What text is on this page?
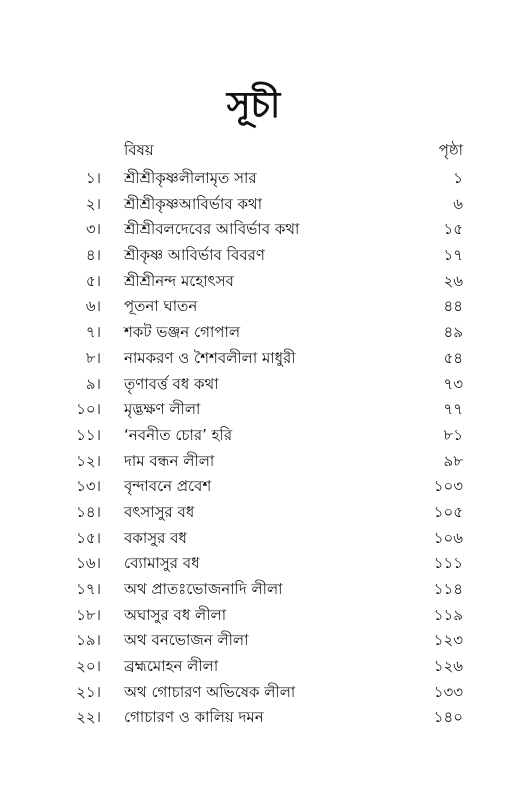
সূচী
বিষয়	পৃষ্ঠা
১। শ্রীশ্রীকৃষ্ণলীলামৃত সার	১
২। শ্রীশ্রীকৃষ্ণআবির্ভাব কথা	৬
৩। শ্রীশ্রীবলদেবের আবির্ভাব কথা	১৫
৪। শ্রীকৃষ্ণ আবির্ভাব বিবরণ	১৭
৫। শ্রীশ্রীনন্দ মহোৎসব	২৬
৬। পূতনা ঘাতন	৪৪
৭। শকট ভঞ্জন গোপাল	৪৯
৮। নামকরণ ও শৈশবলীলা মাধুরী	৫৪
৯। তৃণাবর্ত্ত বধ কথা	৭৩
১০। মৃদ্ভক্ষণ লীলা	৭৭
১১। ‘নবনীত চোর’ হরি	৮১
১২। দাম বন্ধন লীলা	৯৮
১৩। বৃন্দাবনে প্রবেশ	১০৩
১৪। বৎসাসুর বধ	১০৫
১৫। বকাসুর বধ	১০৬
১৬। ব্যোমাসুর বধ	১১১
১৭। অথ প্রাতঃভোজনাদি লীলা	১১৪
১৮। অঘাসুর বধ লীলা	১১৯
১৯। অথ বনভোজন লীলা	১২৩
২০। ব্রহ্মমোহন লীলা	১২৬
২১। অথ গোচারণ অভিষেক লীলা	১৩৩
২২। গোচারণ ও কালিয় দমন	১৪০
